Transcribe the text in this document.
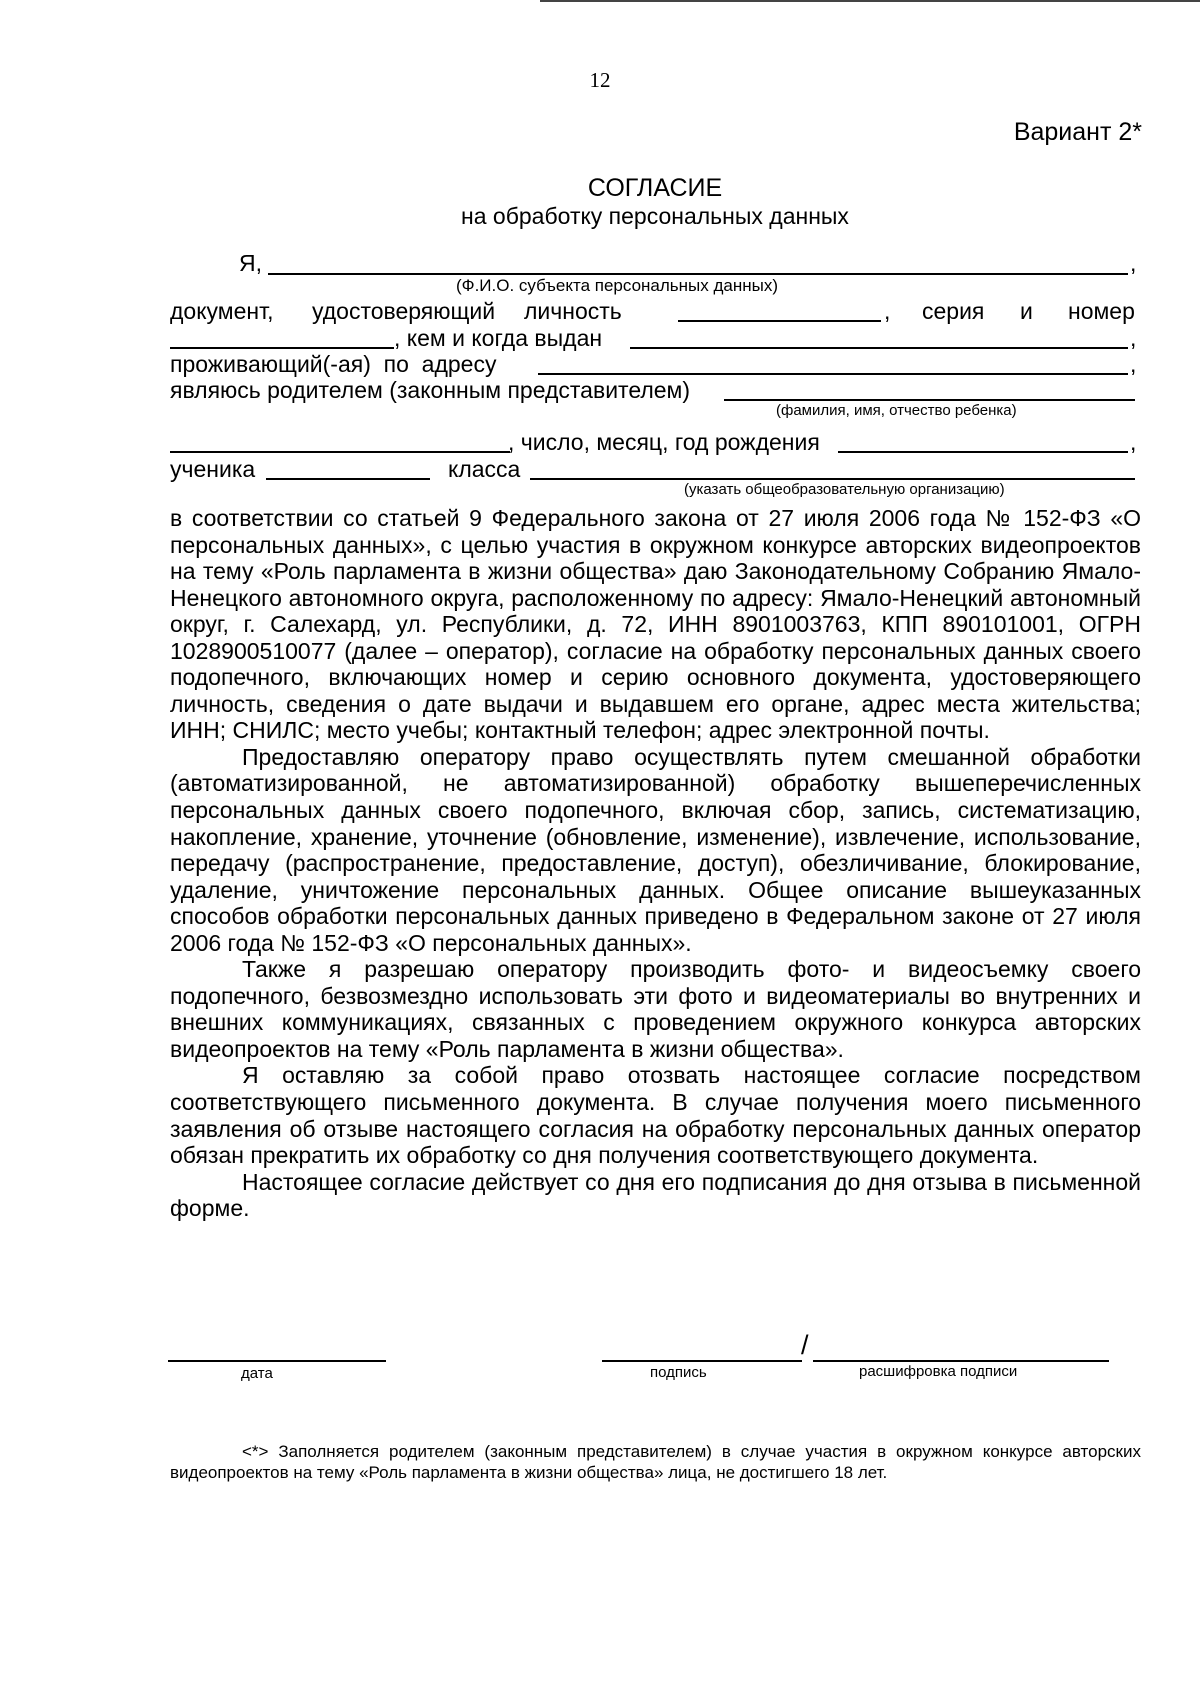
12
Вариант 2*
СОГЛАСИЕ
на обработку персональных данных
Я,	,
(Ф.И.О. субъекта персональных данных)
документ, удостоверяющий личность	, серия и номер
, кем и когда выдан	,
проживающий(-ая)  по  адресу	,
являюсь родителем (законным представителем)
(фамилия, имя, отчество ребенка)
, число, месяц, год рождения	,
ученика	класса
(указать общеобразовательную организацию)

в соответствии со статьей 9 Федерального закона от 27 июля 2006 года № 152-ФЗ «О персональных данных», с целью участия в окружном конкурсе авторских видеопроектов на тему «Роль парламента в жизни общества» даю Законодательному Собранию Ямало-Ненецкого автономного округа, расположенному по адресу: Ямало-Ненецкий автономный округ, г. Салехард, ул. Республики, д. 72, ИНН 8901003763, КПП 890101001, ОГРН 1028900510077 (далее – оператор), согласие на обработку персональных данных своего подопечного, включающих номер и серию основного документа, удостоверяющего личность, сведения о дате выдачи и выдавшем его органе, адрес места жительства; ИНН; СНИЛС; место учебы; контактный телефон; адрес электронной почты.

Предоставляю оператору право осуществлять путем смешанной обработки (автоматизированной, не автоматизированной) обработку вышеперечисленных персональных данных своего подопечного, включая сбор, запись, систематизацию, накопление, хранение, уточнение (обновление, изменение), извлечение, использование, передачу (распространение, предоставление, доступ), обезличивание, блокирование, удаление, уничтожение персональных данных. Общее описание вышеуказанных способов обработки персональных данных приведено в Федеральном законе от 27 июля 2006 года № 152-ФЗ «О персональных данных».

Также я разрешаю оператору производить фото- и видеосъемку своего подопечного, безвозмездно использовать эти фото и видеоматериалы во внутренних и внешних коммуникациях, связанных с проведением окружного конкурса авторских видеопроектов на тему «Роль парламента в жизни общества».

Я оставляю за собой право отозвать настоящее согласие посредством соответствующего письменного документа. В случае получения моего письменного заявления об отзыве настоящего согласия на обработку персональных данных оператор обязан прекратить их обработку со дня получения соответствующего документа.

Настоящее согласие действует со дня его подписания до дня отзыва в письменной форме.

дата
/
подпись	расшифровка подписи

<*> Заполняется родителем (законным представителем) в случае участия в окружном конкурсе авторских видеопроектов на тему «Роль парламента в жизни общества» лица, не достигшего 18 лет.
